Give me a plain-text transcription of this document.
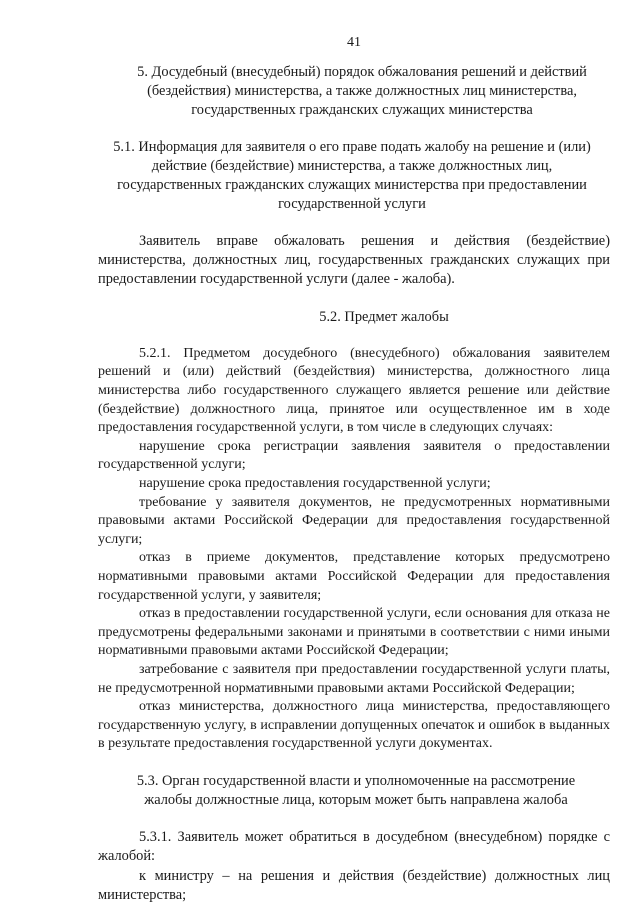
41
5. Досудебный (внесудебный) порядок обжалования решений и действий (бездействия) министерства, а также должностных лиц министерства, государственных гражданских служащих министерства
5.1. Информация для заявителя о его праве подать жалобу на решение и (или) действие (бездействие) министерства, а также должностных лиц, государственных гражданских служащих министерства при предоставлении государственной услуги

Заявитель вправе обжаловать решения и действия (бездействие) министерства, должностных лиц, государственных гражданских служащих при предоставлении государственной услуги (далее - жалоба).

5.2. Предмет жалобы

5.2.1. Предметом досудебного (внесудебного) обжалования заявителем решений и (или) действий (бездействия) министерства, должностного лица министерства либо государственного служащего является решение или действие (бездействие) должностного лица, принятое или осуществленное им в ходе предоставления государственной услуги, в том числе в следующих случаях:

нарушение срока регистрации заявления заявителя о предоставлении государственной услуги;

нарушение срока предоставления государственной услуги;

требование у заявителя документов, не предусмотренных нормативными правовыми актами Российской Федерации для предоставления государственной услуги;

отказ в приеме документов, представление которых предусмотрено нормативными правовыми актами Российской Федерации для предоставления государственной услуги, у заявителя;

отказ в предоставлении государственной услуги, если основания для отказа не предусмотрены федеральными законами и принятыми в соответствии с ними иными нормативными правовыми актами Российской Федерации;

затребование с заявителя при предоставлении государственной услуги платы, не предусмотренной нормативными правовыми актами Российской Федерации;

отказ министерства, должностного лица министерства, предоставляющего государственную услугу, в исправлении допущенных опечаток и ошибок в выданных в результате предоставления государственной услуги документах.

5.3. Орган государственной власти и уполномоченные на рассмотрение жалобы должностные лица, которым может быть направлена жалоба

5.3.1. Заявитель может обратиться в досудебном (внесудебном) порядке с жалобой:

к министру – на решения и действия (бездействие) должностных лиц министерства;
